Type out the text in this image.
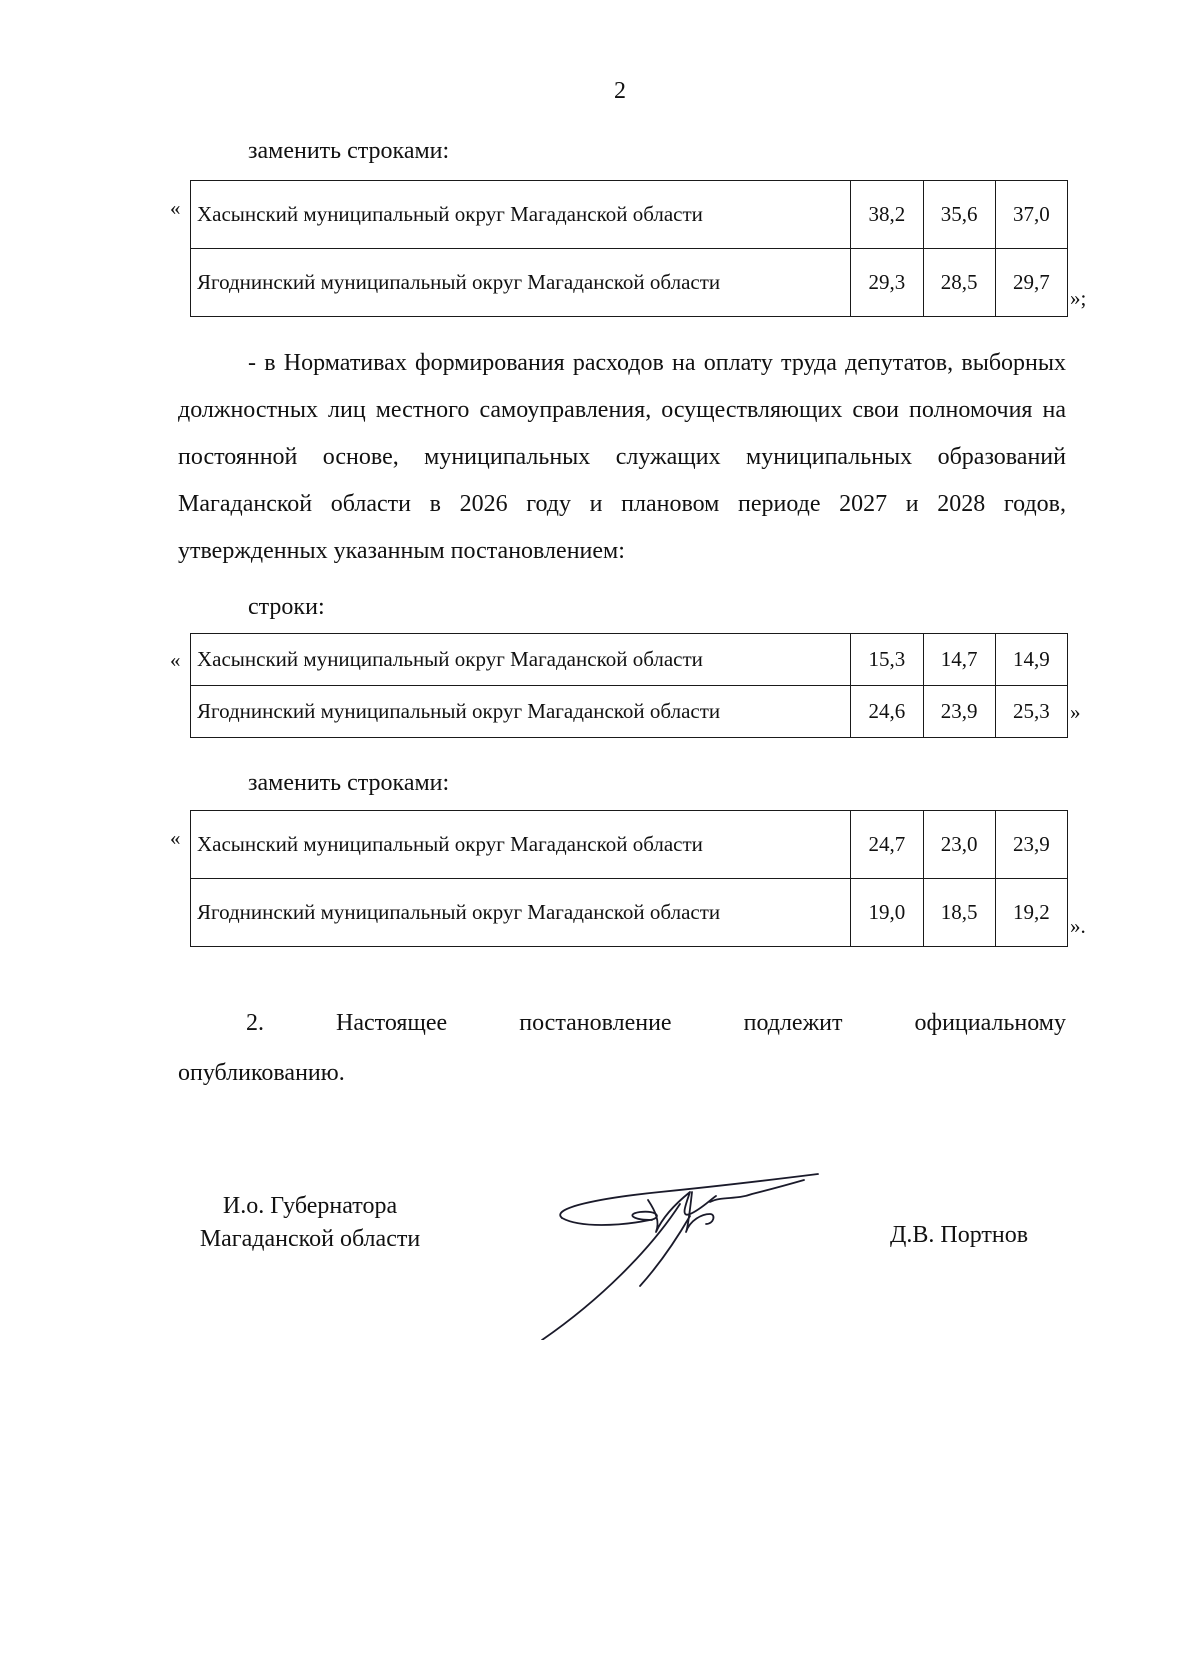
2
заменить строками:
« Хасынский муниципальный округ Магаданской области	38,2	35,6	37,0
Ягоднинский муниципальный округ Магаданской области	29,3	28,5	29,7
»;

- в Нормативах формирования расходов на оплату труда депутатов, выборных должностных лиц местного самоуправления, осуществляющих свои полномочия на постоянной основе, муниципальных служащих муниципальных образований Магаданской области в 2026 году и плановом периоде 2027 и 2028 годов, утвержденных указанным постановлением:

строки:
Хасынский муниципальный округ Магаданской области	15,3	14,7	14,9
Ягоднинский муниципальный округ Магаданской области	24,6	23,9	25,3
«
»
заменить строками:
« Хасынский муниципальный округ Магаданской области	24,7	23,0	23,9
Ягоднинский муниципальный округ Магаданской области	19,0	18,5	19,2
».
2.	Настоящее	постановление	подлежит	официальному
опубликованию.
И.о. Губернатора
Магаданской области	Д.В. Портнов
